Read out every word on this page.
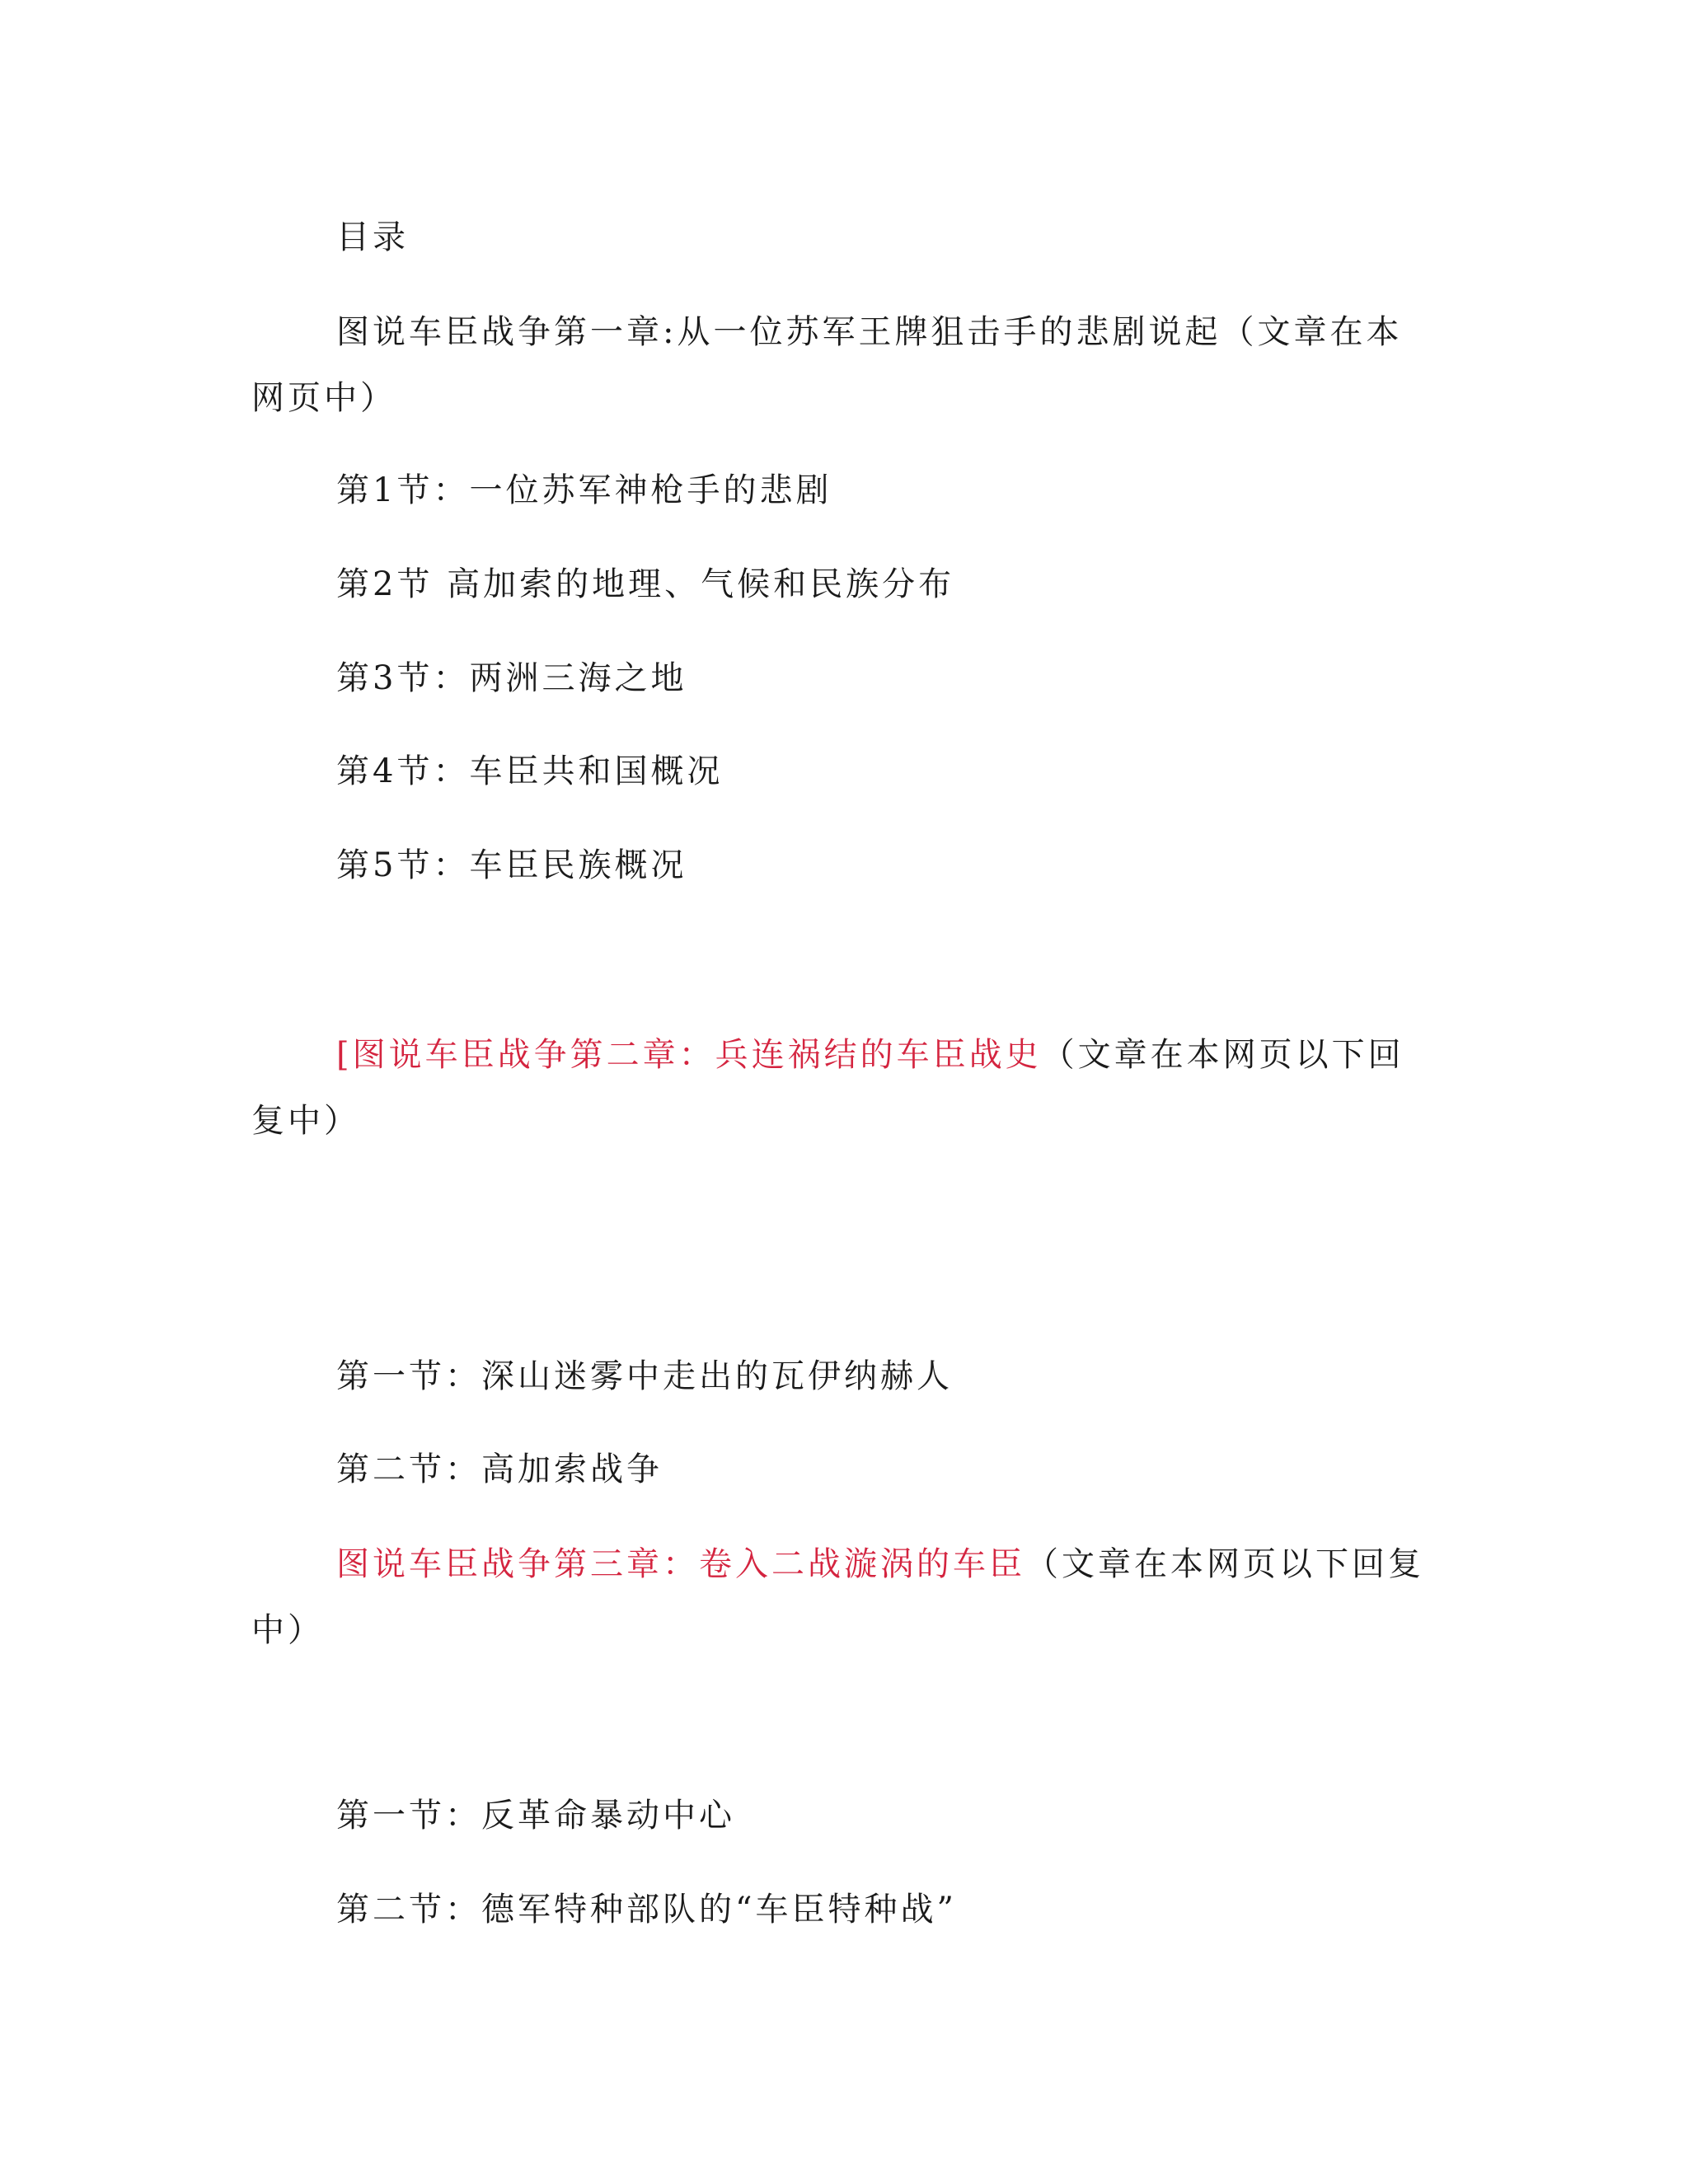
目录
图说车臣战争第一章:从一位苏军王牌狙击手的悲剧说起（文章在本网页中）
第1节：一位苏军神枪手的悲剧
第2节 高加索的地理、气候和民族分布
第3节：两洲三海之地
第4节：车臣共和国概况
第5节：车臣民族概况
[图说车臣战争第二章：兵连祸结的车臣战史（文章在本网页以下回复中）
第一节：深山迷雾中走出的瓦伊纳赫人
第二节：高加索战争
图说车臣战争第三章：卷入二战漩涡的车臣（文章在本网页以下回复中）
第一节：反革命暴动中心
第二节：德军特种部队的“车臣特种战”
